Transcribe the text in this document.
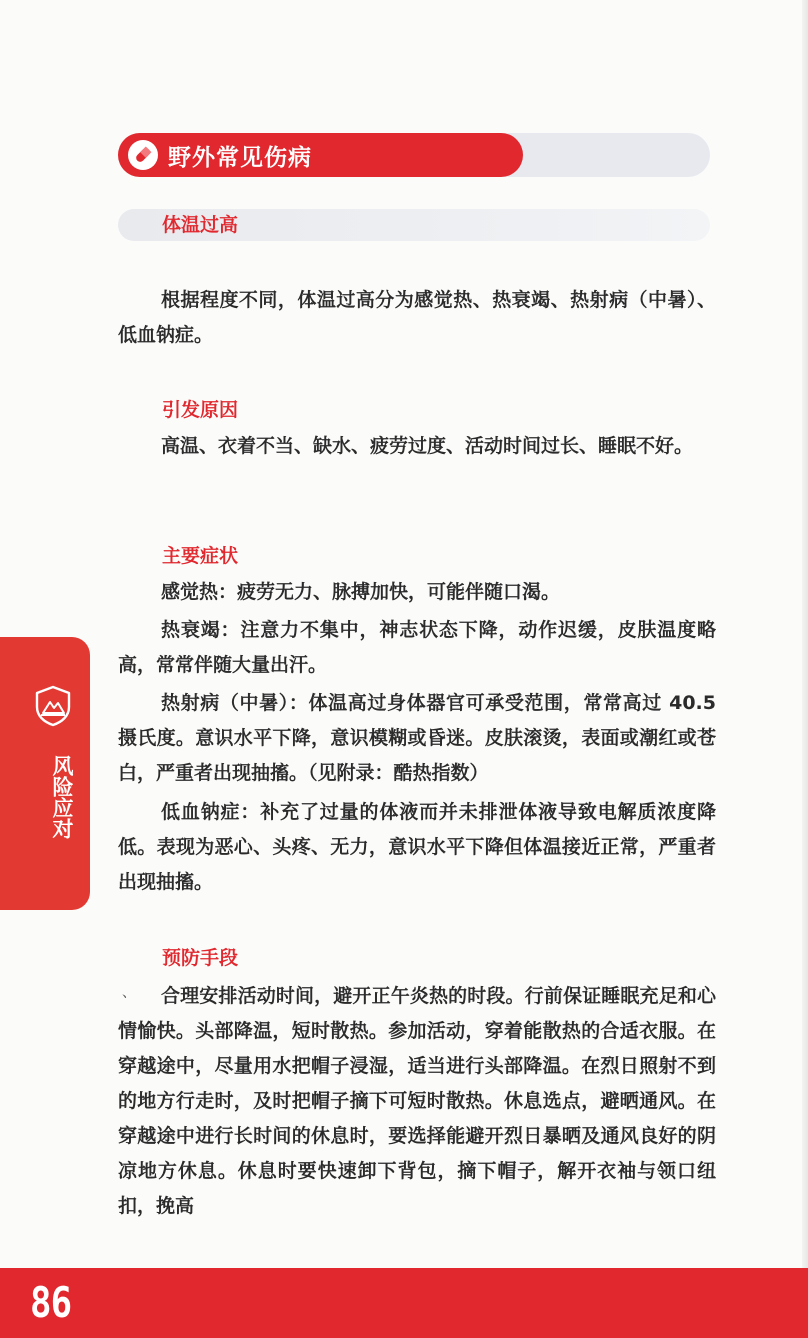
野外常见伤病
体温过高

根据程度不同，体温过高分为感觉热、热衰竭、热射病（中暑）、低血钠症。

引发原因

高温、衣着不当、缺水、疲劳过度、活动时间过长、睡眠不好。

主要症状

感觉热：疲劳无力、脉搏加快，可能伴随口渴。

热衰竭：注意力不集中，神志状态下降，动作迟缓，皮肤温度略高，常常伴随大量出汗。

热射病（中暑）：体温高过身体器官可承受范围，常常高过 40.5 摄氏度。意识水平下降，意识模糊或昏迷。皮肤滚烫，表面或潮红或苍白，严重者出现抽搐。（见附录：酷热指数）

低血钠症：补充了过量的体液而并未排泄体液导致电解质浓度降低。表现为恶心、头疼、无力，意识水平下降但体温接近正常，严重者出现抽搐。

预防手段
、	合理安排活动时间，避开正午炎热的时段。行前保证睡眠充足和心情愉快。头部降温，短时散热。参加活动，穿着能散热的合适衣服。在穿越途中，尽量用水把帽子浸湿，适当进行头部降温。在烈日照射不到的地方行走时，及时把帽子摘下可短时散热。休息选点，避晒通风。在穿越途中进行长时间的休息时，要选择能避开烈日暴晒及通风良好的阴凉地方休息。休息时要快速卸下背包，摘下帽子，解开衣袖与领口纽扣，挽高

风险应对
86
